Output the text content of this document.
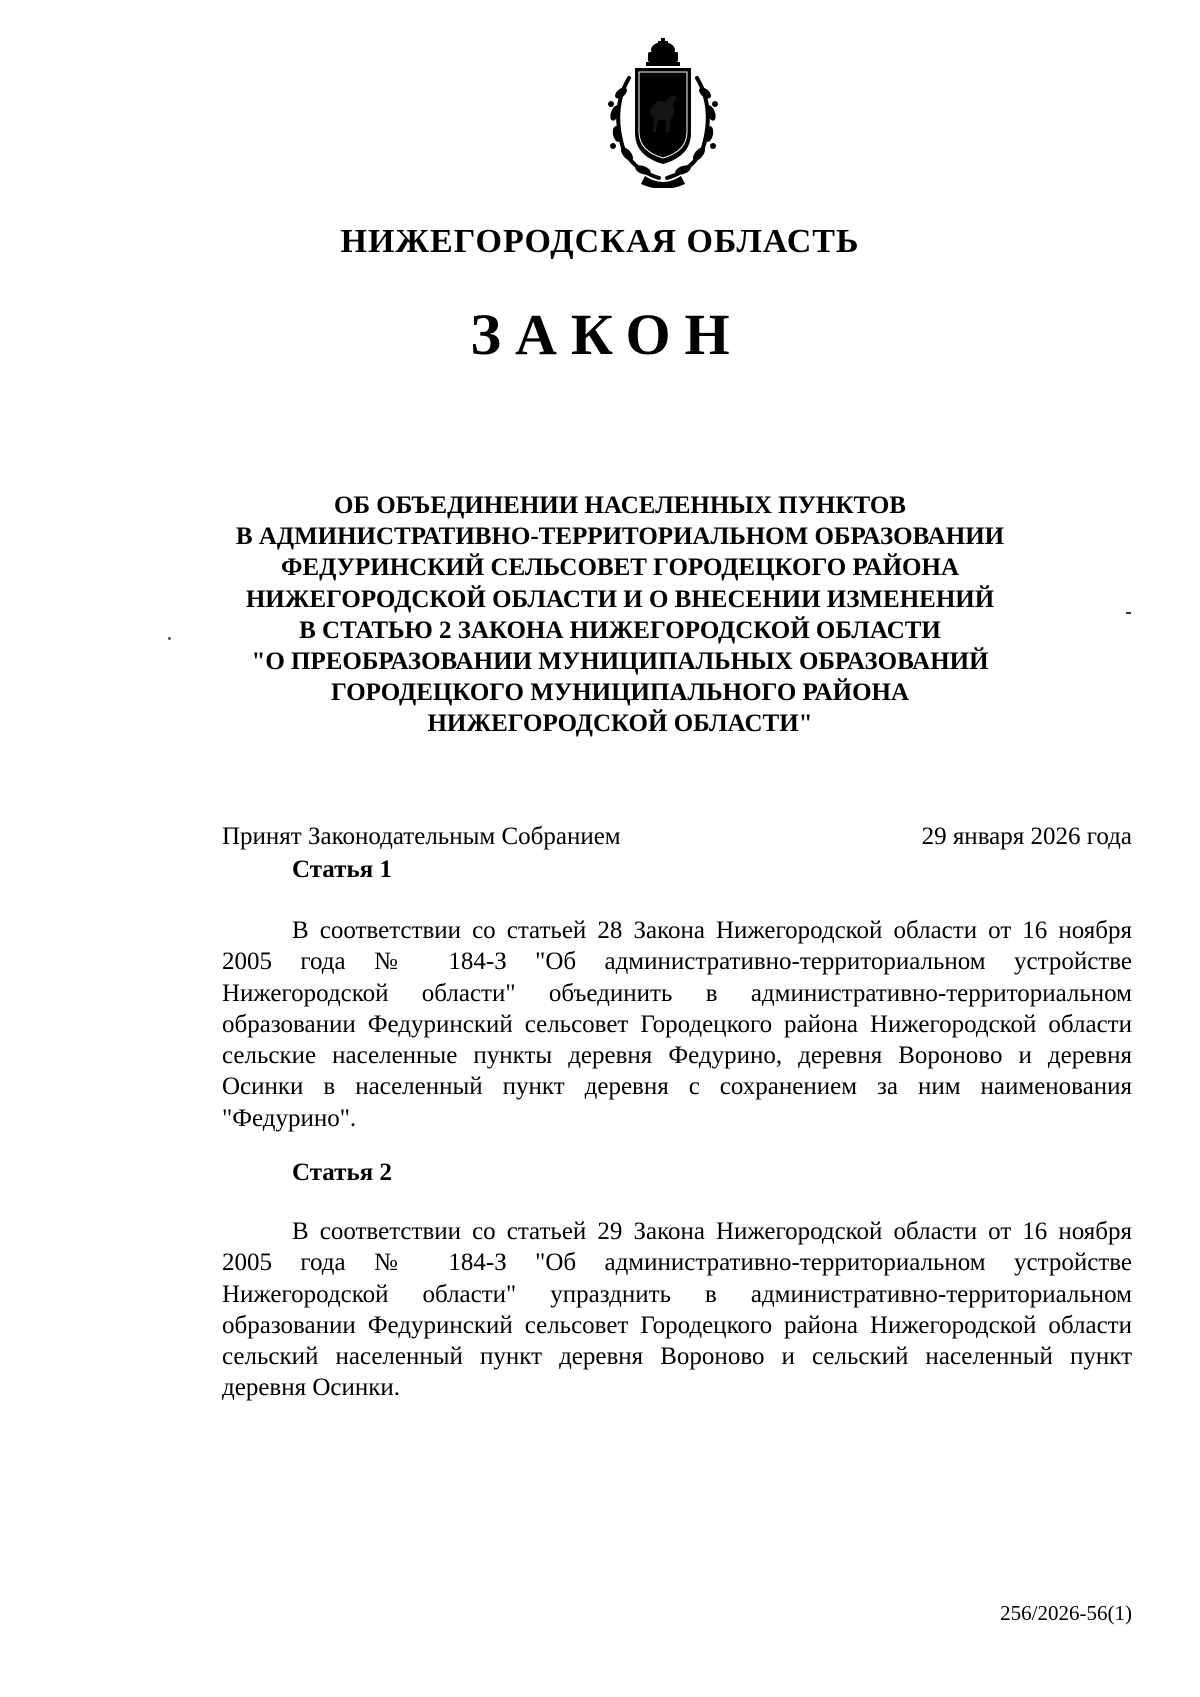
НИЖЕГОРОДСКАЯ ОБЛАСТЬ
ЗАКОН
ОБ ОБЪЕДИНЕНИИ НАСЕЛЕННЫХ ПУНКТОВ
В АДМИНИСТРАТИВНО-ТЕРРИТОРИАЛЬНОМ ОБРАЗОВАНИИ
ФЕДУРИНСКИЙ СЕЛЬСОВЕТ ГОРОДЕЦКОГО РАЙОНА
НИЖЕГОРОДСКОЙ ОБЛАСТИ И О ВНЕСЕНИИ ИЗМЕНЕНИЙ
В СТАТЬЮ 2 ЗАКОНА НИЖЕГОРОДСКОЙ ОБЛАСТИ
"О ПРЕОБРАЗОВАНИИ МУНИЦИПАЛЬНЫХ ОБРАЗОВАНИЙ
ГОРОДЕЦКОГО МУНИЦИПАЛЬНОГО РАЙОНА
НИЖЕГОРОДСКОЙ ОБЛАСТИ"
Принят Законодательным Собранием	29 января 2026 года
Статья 1

В соответствии со статьей 28 Закона Нижегородской области от 16 ноября 2005 года № 184-З "Об административно-территориальном устройстве Нижегородской области" объединить в административно-территориальном образовании Федуринский сельсовет Городецкого района Нижегородской области сельские населенные пункты деревня Федурино, деревня Вороново и деревня Осинки в населенный пункт деревня с сохранением за ним наименования "Федурино".

Статья 2

В соответствии со статьей 29 Закона Нижегородской области от 16 ноября 2005 года № 184-З "Об административно-территориальном устройстве Нижегородской области" упразднить в административно-территориальном образовании Федуринский сельсовет Городецкого района Нижегородской области сельский населенный пункт деревня Вороново и сельский населенный пункт деревня Осинки.

256/2026-56(1)
